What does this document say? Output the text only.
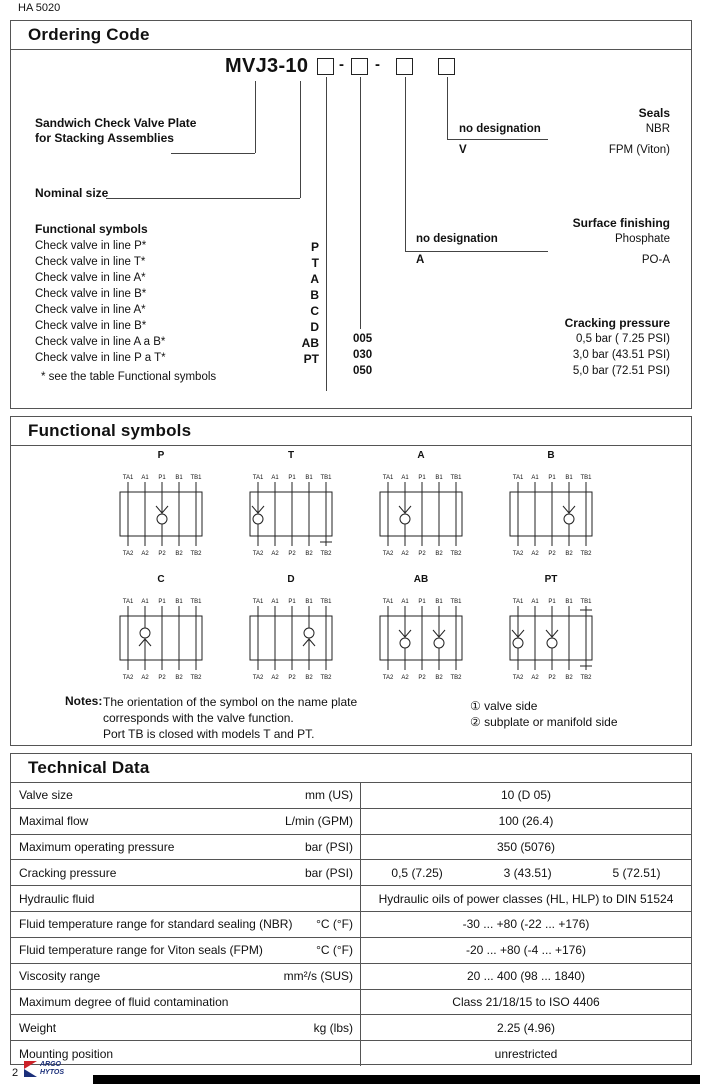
HA 5020
Ordering Code
MVJ3-10 - -
Sandwich Check Valve Plate
for Stacking Assemblies
Nominal size
Functional symbols
Check valve in line P*	P
Check valve in line T*	T
Check valve in line A*	A
Check valve in line B*	B
Check valve in line A*	C
Check valve in line B*	D
Check valve in line A a B*	AB
Check valve in line P a T*	PT
* see the table Functional symbols
Seals
no designation	NBR
V	FPM (Viton)
Surface finishing
no designation	Phosphate
A	PO-A
Cracking pressure
005	0,5 bar ( 7.25 PSI)
030	3,0 bar (43.51 PSI)
050	5,0 bar (72.51 PSI)
Functional symbols
P
TA1 A1 P1 B1 TB1
TA2 A2 P2 B2 TB2
T
TA1 A1 P1 B1 TB1
TA2 A2 P2 B2 TB2
A
TA1 A1 P1 B1 TB1
TA2 A2 P2 B2 TB2
B
TA1 A1 P1 B1 TB1
TA2 A2 P2 B2 TB2
C
TA1 A1 P1 B1 TB1
TA2 A2 P2 B2 TB2
D
TA1 A1 P1 B1 TB1
TA2 A2 P2 B2 TB2
AB
TA1 A1 P1 B1 TB1
TA2 A2 P2 B2 TB2
PT
TA1 A1 P1 B1 TB1
TA2 A2 P2 B2 TB2
Notes: The orientation of the symbol on the name plate
corresponds with the valve function.
Port TB is closed with models T and PT.
① valve side
② subplate or manifold side
Technical Data
Valve size	mm (US)	10 (D 05)
Maximal flow	L/min (GPM)	100 (26.4)
Maximum operating pressure	bar (PSI)	350 (5076)
Cracking pressure	bar (PSI)	0,5 (7.25)	3 (43.51)	5 (72.51)
Hydraulic fluid	Hydraulic oils of power classes (HL, HLP) to DIN 51524
Fluid temperature range for standard sealing (NBR) °C (°F)	-30 ... +80 (-22 ... +176)
Fluid temperature range for Viton seals (FPM)	°C (°F)	-20 ... +80 (-4 ... +176)
Viscosity range	mm²/s (SUS)	20 ... 400 (98 ... 1840)
Maximum degree of fluid contamination	Class 21/18/15 to ISO 4406
Weight	kg (lbs)	2.25 (4.96)
Mounting position	unrestricted
2
ARGO
HYTOS
